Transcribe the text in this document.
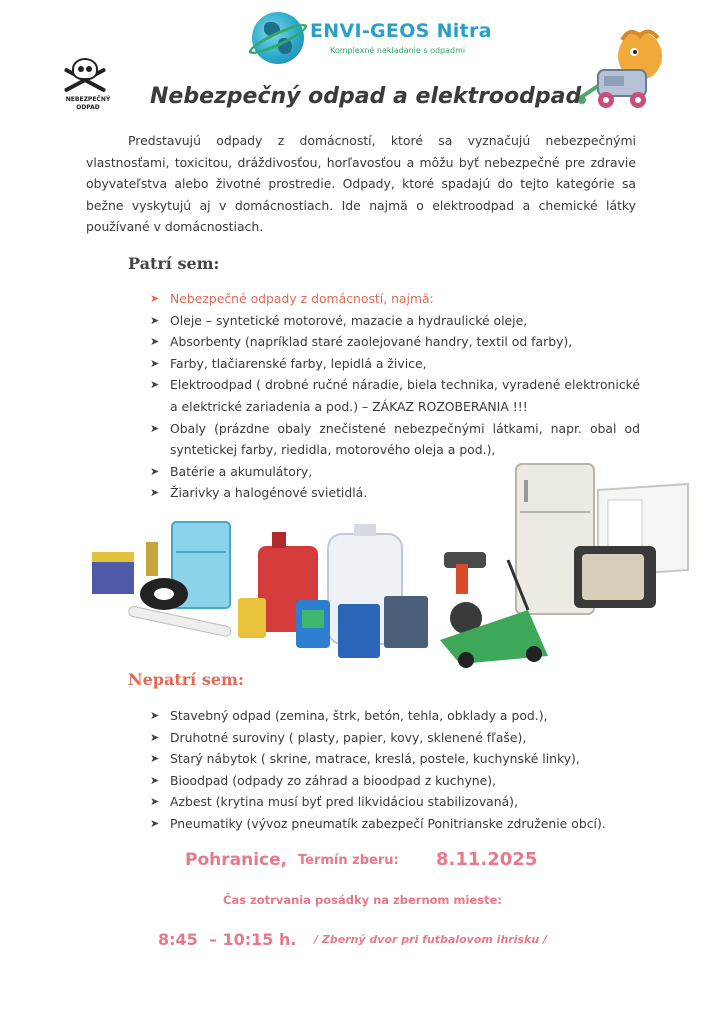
ENVI-GEOS Nitra
Komplexné nakladanie s odpadmi
NEBEZPEČNÝ ODPAD	Nebezpečný odpad a elektroodpad

Predstavujú odpady z domácností, ktoré sa vyznačujú nebezpečnými vlastnosťami, toxicitou, dráždivosťou, horľavosťou a môžu byť nebezpečné pre zdravie obyvateľstva alebo životné prostredie. Odpady, ktoré spadajú do tejto kategórie sa bežne vyskytujú aj v domácnostiach. Ide najmä o elektroodpad a chemické látky používané v domácnostiach.

Patrí sem:
➤ Nebezpečné odpady z domácností, najmä:
➤ Oleje – syntetické motorové, mazacie a hydraulické oleje,
➤ Absorbenty (napríklad staré zaolejované handry, textil od farby),
➤ Farby, tlačiarenské farby, lepidlá a živice,
➤ Elektroodpad ( drobné ručné náradie, biela technika, vyradené elektronické a elektrické zariadenia a pod.) – ZÁKAZ ROZOBERANIA !!!
➤ Obaly (prázdne obaly znečistené nebezpečnými látkami, napr. obal od syntetickej farby, riedidla, motorového oleja a pod.),
➤ Batérie a akumulátory,
➤ Žiarivky a halogénové svietidlá.
Nepatrí sem:
➤ Stavebný odpad (zemina, štrk, betón, tehla, obklady a pod.),
➤ Druhotné suroviny ( plasty, papier, kovy, sklenené fľaše),
➤ Starý nábytok ( skrine, matrace, kreslá, postele, kuchynské linky),
➤ Bioodpad (odpady zo záhrad a bioodpad z kuchyne),
➤ Azbest (krytina musí byť pred likvidáciou stabilizovaná),
➤ Pneumatiky (vývoz pneumatík zabezpečí Ponitrianske združenie obcí).
Pohranice, Termín zberu: 8.11.2025
Čas zotrvania posádky na zbernom mieste:
8:45  – 10:15 h. / Zberný dvor pri futbalovom ihrisku /
